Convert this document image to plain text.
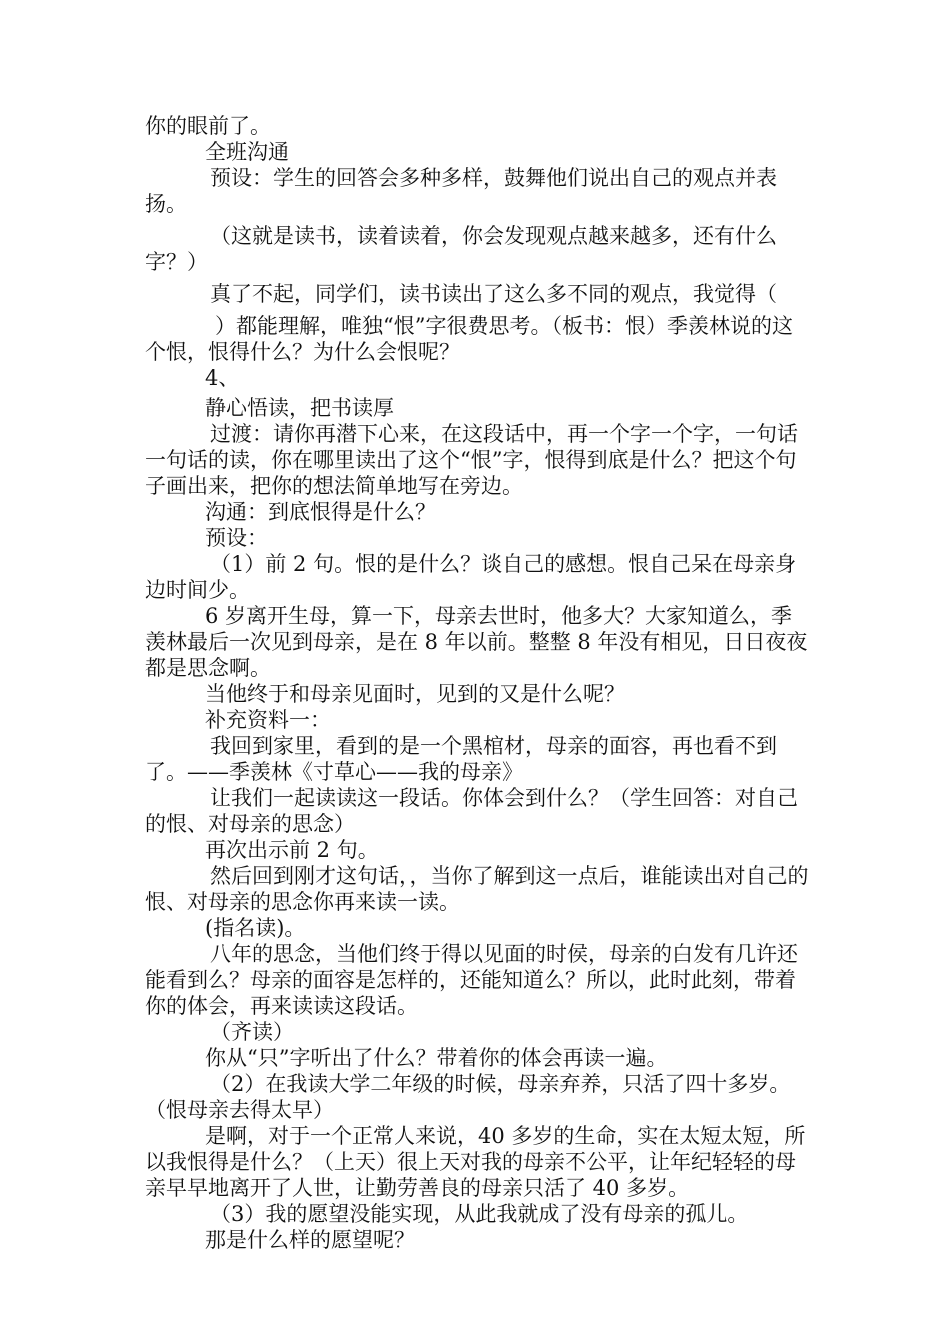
你的眼前了。

全班沟通

预设：学生的回答会多种多样，鼓舞他们说出自己的观点并表扬。

（这就是读书，读着读着，你会发现观点越来越多，还有什么字？）

真了不起，同学们，读书读出了这么多不同的观点，我觉得（

）都能理解，唯独“恨”字很费思考。（板书：恨）季羡林说的这个恨，恨得什么？为什么会恨呢？

4、

静心悟读，把书读厚

过渡：请你再潜下心来，在这段话中，再一个字一个字，一句话一句话的读，你在哪里读出了这个“恨”字，恨得到底是什么？把这个句子画出来，把你的想法简单地写在旁边。

沟通：到底恨得是什么？

预设：

（1）前 2 句。恨的是什么？谈自己的感想。恨自己呆在母亲身边时间少。

6 岁离开生母，算一下，母亲去世时，他多大？大家知道么，季羡林最后一次见到母亲，是在 8 年以前。整整 8 年没有相见，日日夜夜都是思念啊。

当他终于和母亲见面时，见到的又是什么呢？

补充资料一：

我回到家里，看到的是一个黑棺材，母亲的面容，再也看不到了。——季羡林《寸草心——我的母亲》

让我们一起读读这一段话。你体会到什么？（学生回答：对自己的恨、对母亲的思念）

再次出示前 2 句。

然后回到刚才这句话，，当你了解到这一点后，谁能读出对自己的恨、对母亲的思念你再来读一读。

(指名读)。

八年的思念，当他们终于得以见面的时侯，母亲的白发有几许还能看到么？母亲的面容是怎样的，还能知道么？所以，此时此刻，带着你的体会，再来读读这段话。

（齐读）

你从“只”字听出了什么？带着你的体会再读一遍。

（2）在我读大学二年级的时候，母亲弃养，只活了四十多岁。（恨母亲去得太早）

是啊，对于一个正常人来说，40 多岁的生命，实在太短太短，所以我恨得是什么？（上天）很上天对我的母亲不公平，让年纪轻轻的母亲早早地离开了人世，让勤劳善良的母亲只活了 40 多岁。

（3）我的愿望没能实现，从此我就成了没有母亲的孤儿。

那是什么样的愿望呢？
